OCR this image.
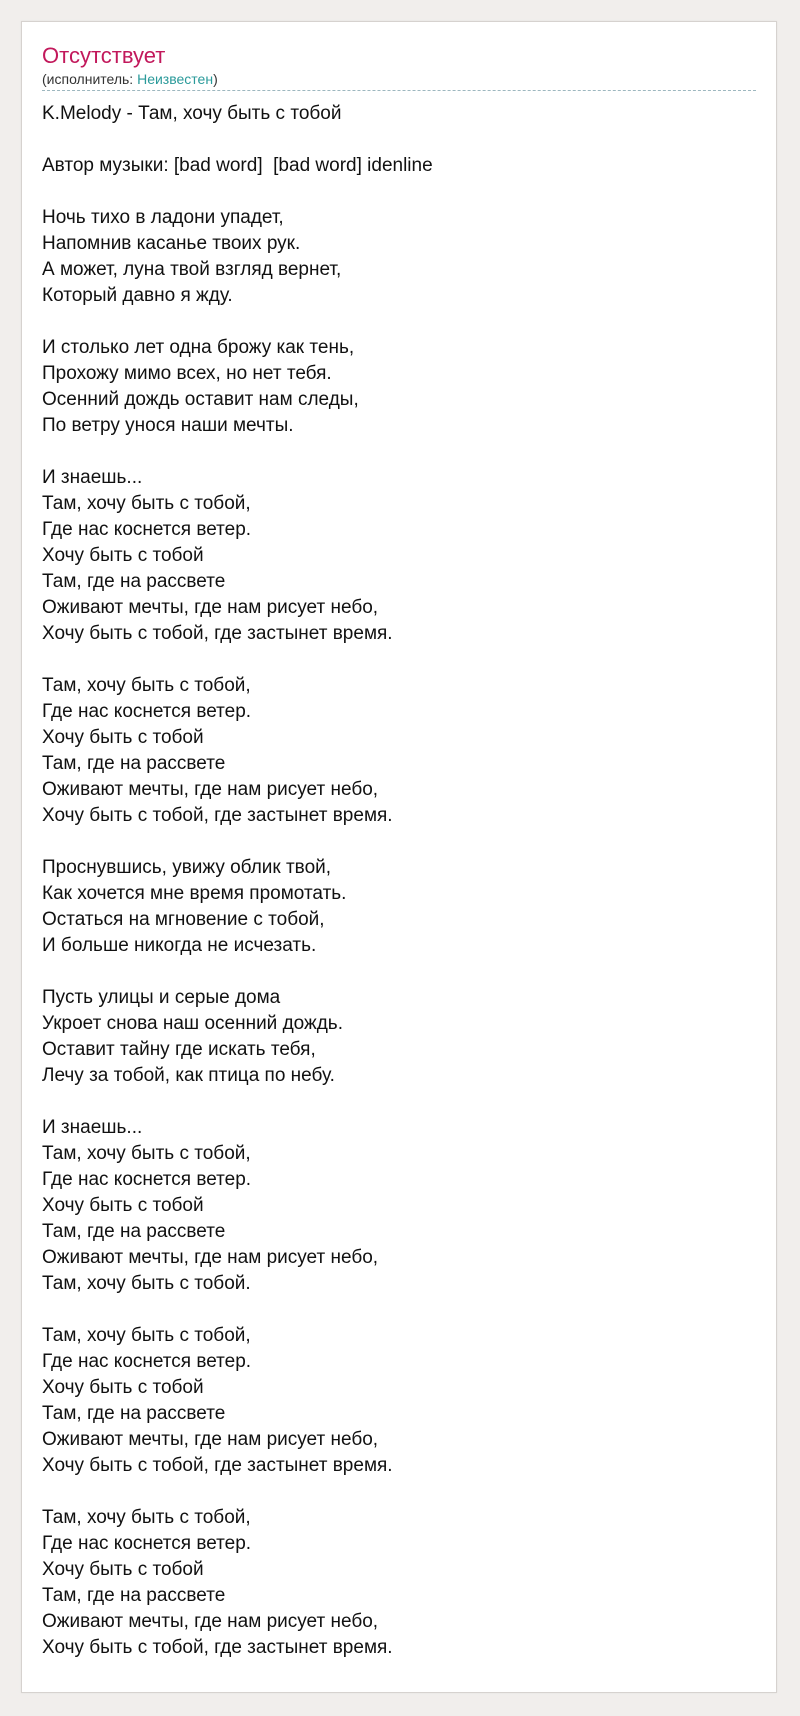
Отсутствует
(исполнитель: Неизвестен)
K.Melody - Там, хочу быть с тобой
Автор музыки: [bad word]  [bad word] idenline
Ночь тихо в ладони упадет,
Напомнив касанье твоих рук.
А может, луна твой взгляд вернет,
Который давно я жду.
И столько лет одна брожу как тень,
Прохожу мимо всех, но нет тебя.
Осенний дождь оставит нам следы,
По ветру унося наши мечты.
И знаешь...
Там, хочу быть с тобой,
Где нас коснется ветер.
Хочу быть с тобой
Там, где на рассвете
Оживают мечты, где нам рисует небо,
Хочу быть с тобой, где застынет время.
Там, хочу быть с тобой,
Где нас коснется ветер.
Хочу быть с тобой
Там, где на рассвете
Оживают мечты, где нам рисует небо,
Хочу быть с тобой, где застынет время.
Проснувшись, увижу облик твой,
Как хочется мне время промотать.
Остаться на мгновение с тобой,
И больше никогда не исчезать.
Пусть улицы и серые дома
Укроет снова наш осенний дождь.
Оставит тайну где искать тебя,
Лечу за тобой, как птица по небу.
И знаешь...
Там, хочу быть с тобой,
Где нас коснется ветер.
Хочу быть с тобой
Там, где на рассвете
Оживают мечты, где нам рисует небо,
Там, хочу быть с тобой.
Там, хочу быть с тобой,
Где нас коснется ветер.
Хочу быть с тобой
Там, где на рассвете
Оживают мечты, где нам рисует небо,
Хочу быть с тобой, где застынет время.
Там, хочу быть с тобой,
Где нас коснется ветер.
Хочу быть с тобой
Там, где на рассвете
Оживают мечты, где нам рисует небо,
Хочу быть с тобой, где застынет время.
